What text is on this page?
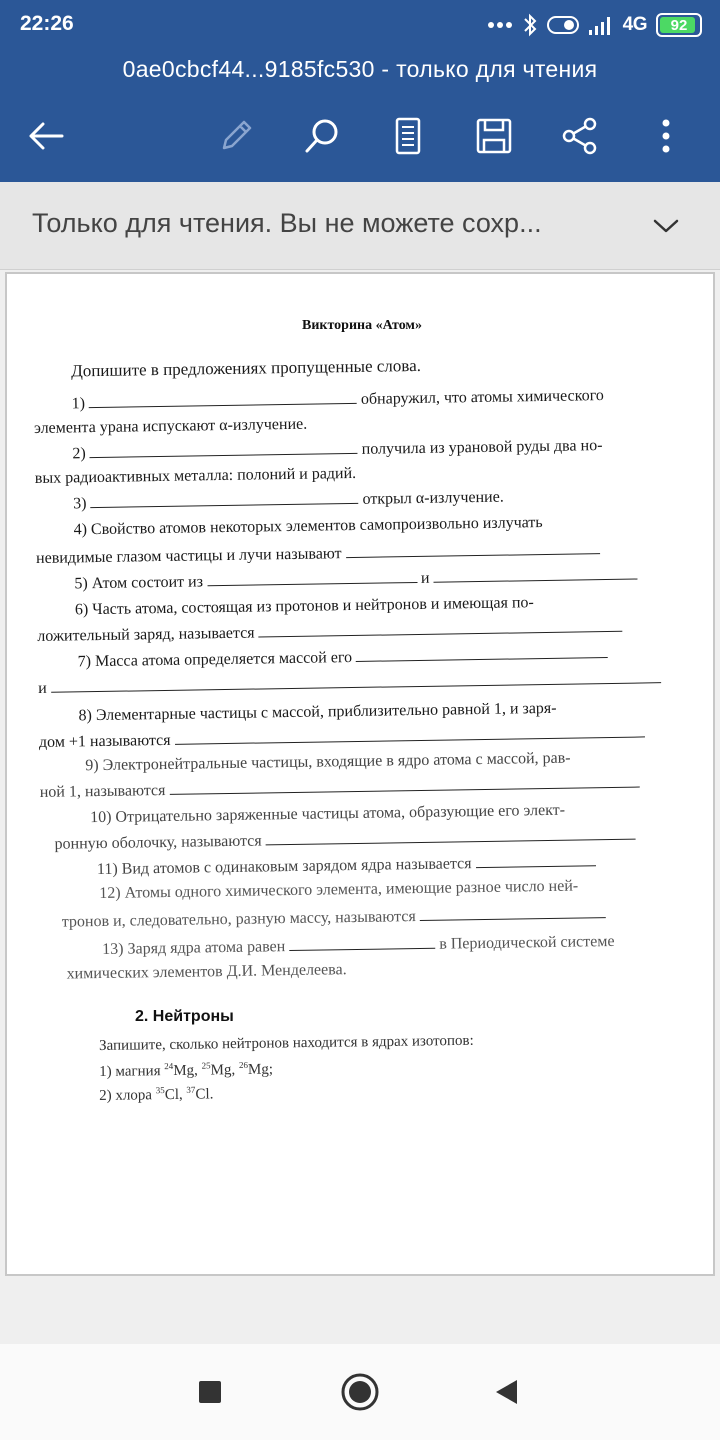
22:26	4G 92
0ae0cbcf44...9185fc530 - только для чтения
Только для чтения. Вы не можете сохр...
Викторина «Атом»
Допишите в предложениях пропущенные слова.
1)	обнаружил, что атомы химического
элемента урана испускают α-излучение.
2)	получила из урановой руды два но-
вых радиоактивных металла: полоний и радий.
3)	открыл α-излучение.
4) Свойство атомов некоторых элементов самопроизвольно излучать
невидимые глазом частицы и лучи называют
5) Атом состоит из	и
6) Часть атома, состоящая из протонов и нейтронов и имеющая по-
ложительный заряд, называется
7) Масса атома определяется массой его
и
8) Элементарные частицы с массой, приблизительно равной 1, и заря-
дом +1 называются
9) Электронейтральные частицы, входящие в ядро атома с массой, рав-
ной 1, называются
10) Отрицательно заряженные частицы атома, образующие его элект-
ронную оболочку, называются
11) Вид атомов с одинаковым зарядом ядра называется
12) Атомы одного химического элемента, имеющие разное число ней-
тронов и, следовательно, разную массу, называются
13) Заряд ядра атома равен	в Периодической системе
химических элементов Д.И. Менделеева.
2. Нейтроны
Запишите, сколько нейтронов находится в ядрах изотопов:
1) магния $^{24}$Mg, $^{25}$Mg, $^{26}$Mg;
2) хлора $^{35}$Cl, $^{37}$Cl.
